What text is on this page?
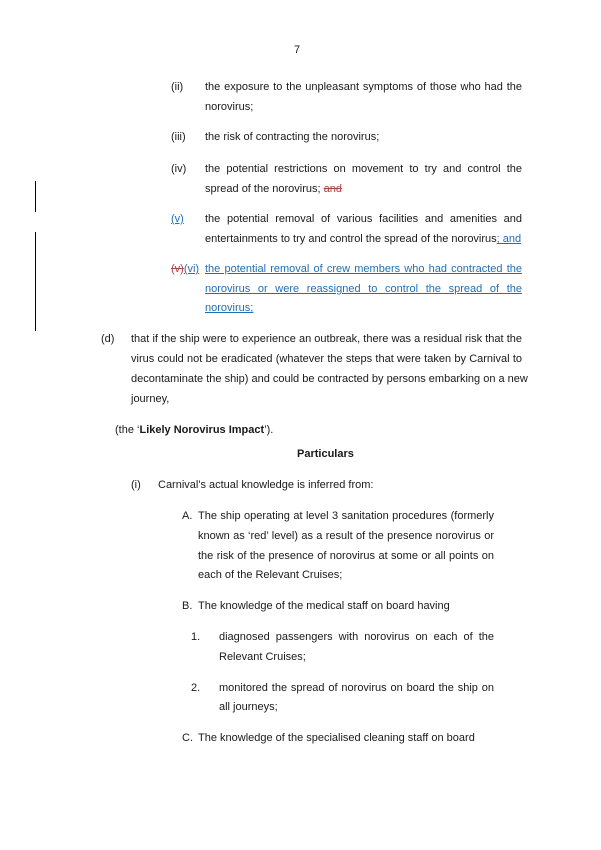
7
(ii) the exposure to the unpleasant symptoms of those who had the
norovirus;
(iii) the risk of contracting the norovirus;
(iv) the potential restrictions on movement to try and control the
spread of the norovirus; and
(v)	the potential removal of various facilities and amenities and
entertainments to try and control the spread of the norovirus; and
(v)(vi) the potential removal of crew members who had contracted the
norovirus or were reassigned to control the spread of the
norovirus;
(d) that if the ship were to experience an outbreak, there was a residual risk that the
virus could not be eradicated (whatever the steps that were taken by Carnival to
decontaminate the ship) and could be contracted by persons embarking on a new
journey,
(the ‘Likely Norovirus Impact’).
Particulars
(i) Carnival's actual knowledge is inferred from:
A. The ship operating at level 3 sanitation procedures (formerly
known as ‘red’ level) as a result of the presence norovirus or
the risk of the presence of norovirus at some or all points on
each of the Relevant Cruises;
B. The knowledge of the medical staff on board having
1. diagnosed passengers with norovirus on each of the
Relevant Cruises;
2. monitored the spread of norovirus on board the ship on
all journeys;
C. The knowledge of the specialised cleaning staff on board
